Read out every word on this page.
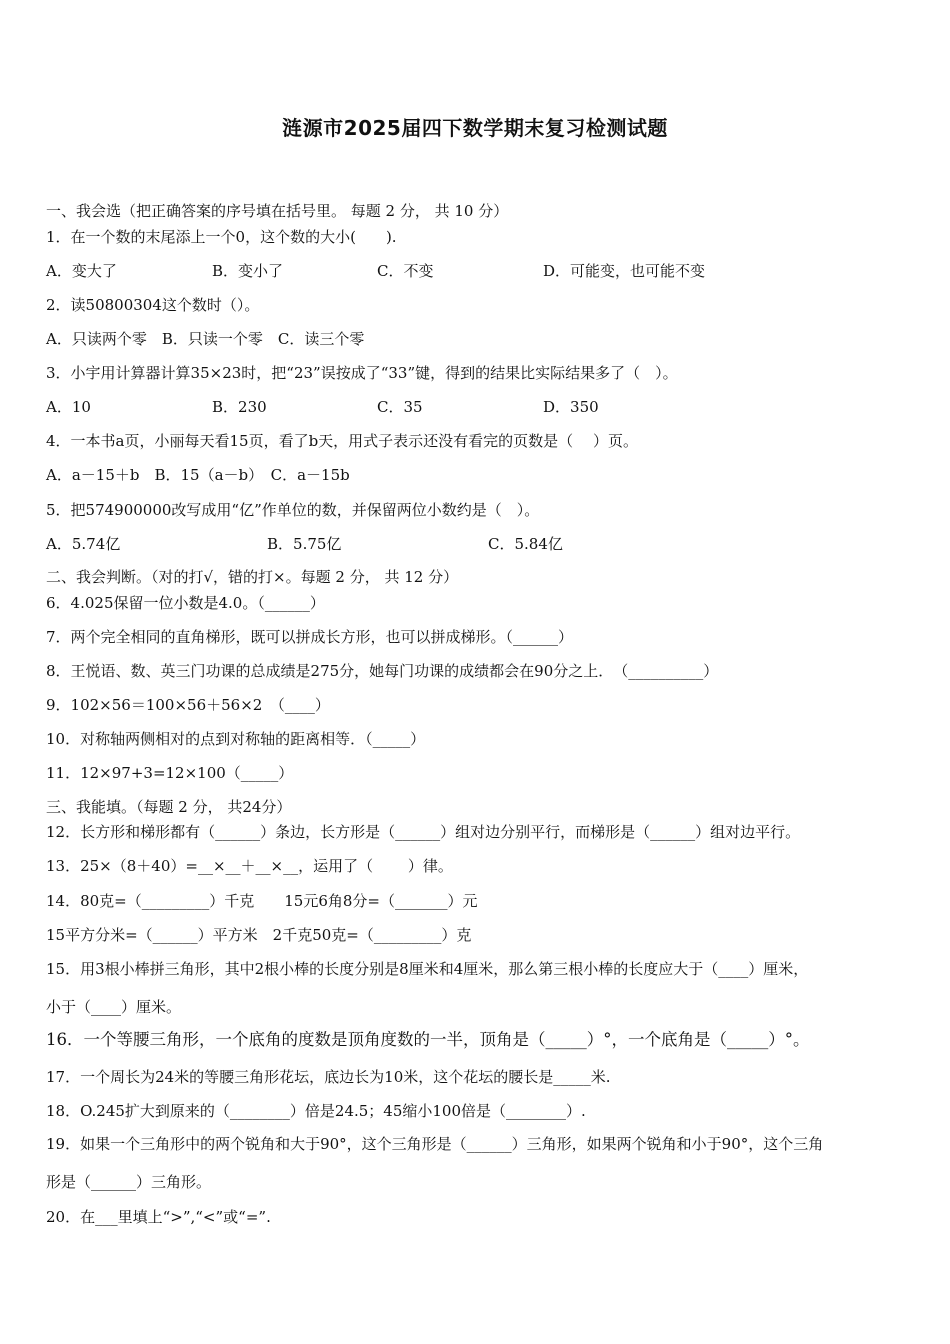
涟源市2025届四下数学期末复习检测试题
一、我会选（把正确答案的序号填在括号里。 每题 2 分， 共 10 分）
1．在一个数的末尾添上一个0，这个数的大小(　　).
A．变大了	B．变小了	C．不变	D．可能变，也可能不变
2．读50800304这个数时（）。
A．只读两个零　B．只读一个零　C．读三个零
3．小宇用计算器计算35×23时，把“23”误按成了“33”键，得到的结果比实际结果多了（　）。
A．10	B．230	C．35	D．350
4．一本书a页，小丽每天看15页，看了b天，用式子表示还没有看完的页数是（　 ）页。
A．a－15＋b　B．15（a－b）　C．a－15b
5．把574900000改写成用“亿”作单位的数，并保留两位小数约是（　）。
A．5.74亿	B．5.75亿	C．5.84亿
二、我会判断。（对的打√，错的打×。每题 2 分， 共 12 分）
6．4.025保留一位小数是4.0。（______）
7．两个完全相同的直角梯形，既可以拼成长方形，也可以拼成梯形。（______）
8．王悦语、数、英三门功课的总成绩是275分，她每门功课的成绩都会在90分之上．　（__________）
9．102×56＝100×56＋56×2　（____）
10．对称轴两侧相对的点到对称轴的距离相等．（_____）
11．12×97+3=12×100（_____）
三、我能填。（每题 2 分， 共24分）
12．长方形和梯形都有（______）条边，长方形是（______）组对边分别平行，而梯形是（______）组对边平行。
13．25×（8＋40）=__×__＋__×__，运用了（　　 ）律。
14．80克=（_________）千克　　15元6角8分=（_______）元
15平方分米=（______）平方米　2千克50克=（_________）克
15．用3根小棒拼三角形，其中2根小棒的长度分别是8厘米和4厘米，那么第三根小棒的长度应大于（____）厘米，
小于（____）厘米。
16．一个等腰三角形，一个底角的度数是顶角度数的一半，顶角是（_____）°，一个底角是（_____）°。
17．一个周长为24米的等腰三角形花坛，底边长为10米，这个花坛的腰长是_____米.
18．O.245扩大到原来的（________）倍是24.5；45缩小100倍是（________）.
19．如果一个三角形中的两个锐角和大于90°，这个三角形是（______）三角形，如果两个锐角和小于90°，这个三角
形是（______）三角形。
20．在___里填上“>”,“<”或“=”.
